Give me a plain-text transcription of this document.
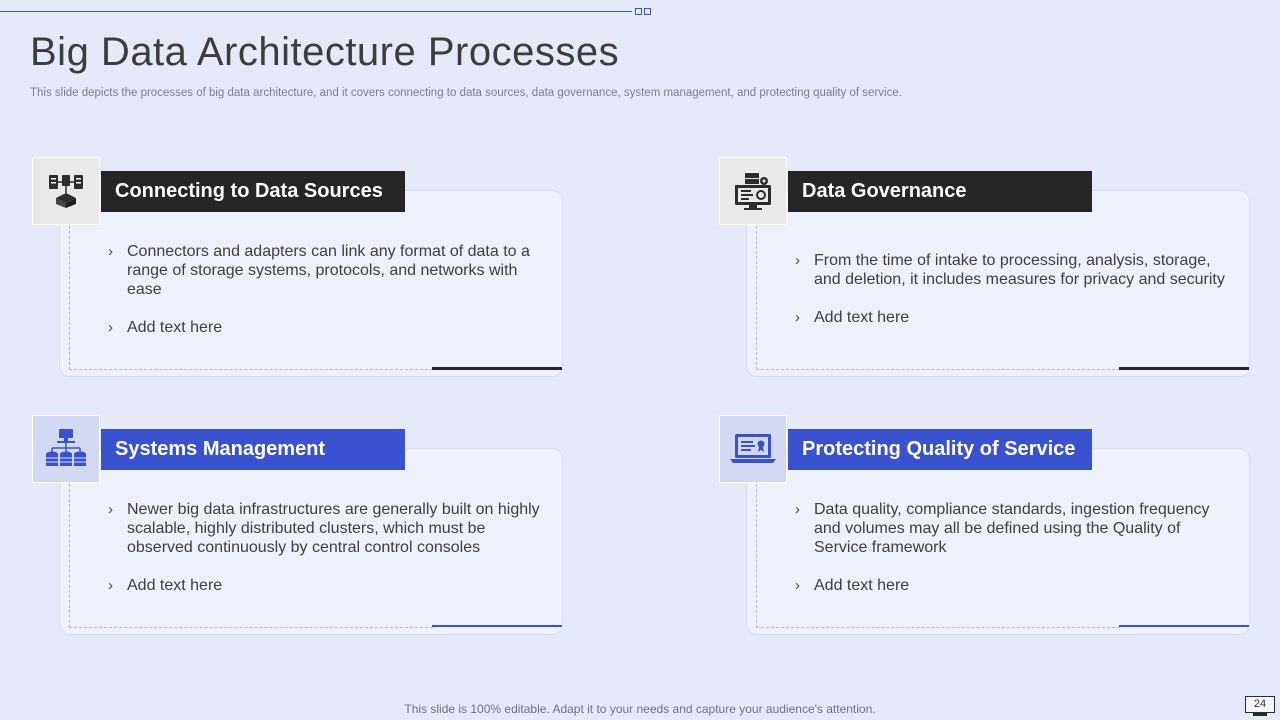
Big Data Architecture Processes

This slide depicts the processes of big data architecture, and it covers connecting to data sources, data governance, system management, and protecting quality of service.

Connecting to Data Sources
› Connectors and adapters can link any format of data to a range of storage systems, protocols, and networks with ease
› Add text here
Data Governance
› From the time of intake to processing, analysis, storage, and deletion, it includes measures for privacy and security
› Add text here
Systems Management
› Newer big data infrastructures are generally built on highly scalable, highly distributed clusters, which must be observed continuously by central control consoles
› Add text here
Protecting Quality of Service
› Data quality, compliance standards, ingestion frequency and volumes may all be defined using the Quality of Service framework
› Add text here
This slide is 100% editable. Adapt it to your needs and capture your audience's attention.	24
